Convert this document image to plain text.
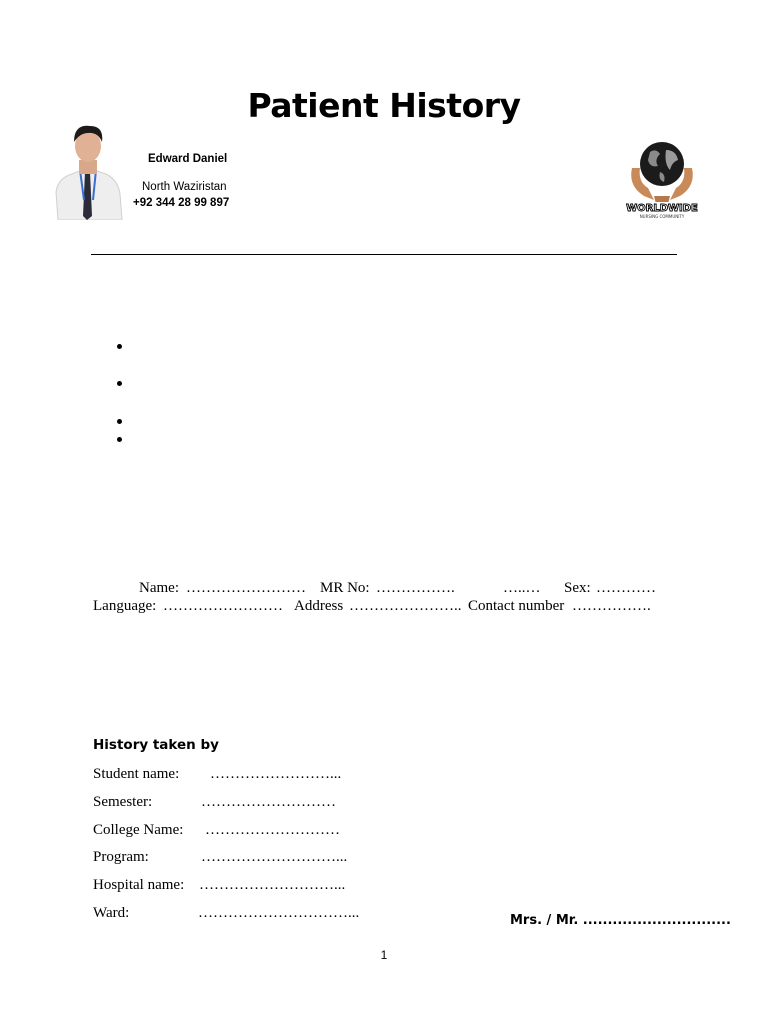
Patient History
Edward Daniel
North Waziristan
+92 344 28 99 897	WORLDWIDE
NURSING COMMUNITY
Name: …………………… MR No: …………….	…..… Sex: …………
Language: …………………… Address ………………….. Contact number …………….
History taken by
Student name: ……………………...
Semester:	………………………
College Name: ………………………
Program:	………………………...
Hospital name: ………………………...
Ward:	…………………………...	Mrs. / Mr. ..............................
1
